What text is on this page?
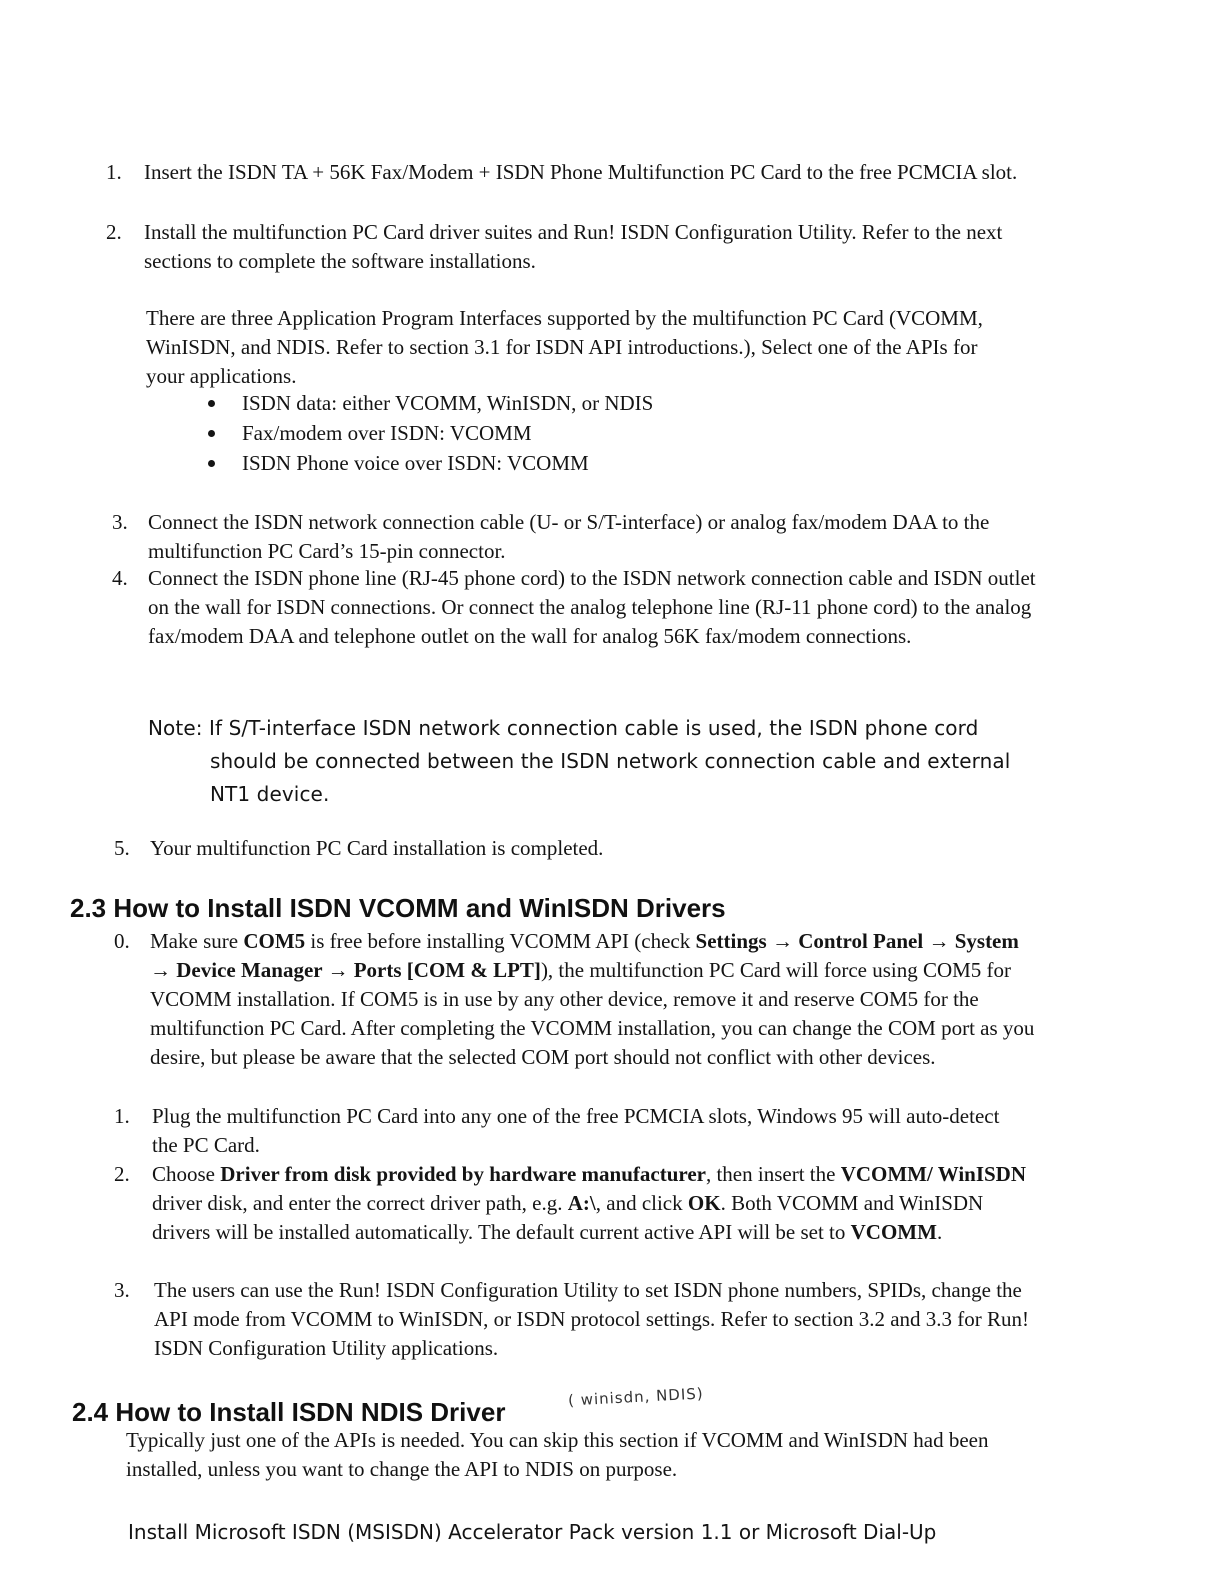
1.	Insert the ISDN TA + 56K Fax/Modem + ISDN Phone Multifunction PC Card to the free PCMCIA slot.
2.	Install the multifunction PC Card driver suites and Run! ISDN Configuration Utility. Refer to the next sections to complete the software installations.
There are three Application Program Interfaces supported by the multifunction PC Card (VCOMM, WinISDN, and NDIS. Refer to section 3.1 for ISDN API introductions.), Select one of the APIs for your applications.
ISDN data: either VCOMM, WinISDN, or NDIS
Fax/modem over ISDN: VCOMM
ISDN Phone voice over ISDN: VCOMM
3. Connect the ISDN network connection cable (U- or S/T-interface) or analog fax/modem DAA to the multifunction PC Card’s 15-pin connector.
4. Connect the ISDN phone line (RJ-45 phone cord) to the ISDN network connection cable and ISDN outlet on the wall for ISDN connections. Or connect the analog telephone line (RJ-11 phone cord) to the analog fax/modem DAA and telephone outlet on the wall for analog 56K fax/modem connections.
Note: If S/T-interface ISDN network connection cable is used, the ISDN phone cord
should be connected between the ISDN network connection cable and external
NT1 device.
5. Your multifunction PC Card installation is completed.
2.3 How to Install ISDN VCOMM and WinISDN Drivers
0. Make sure COM5 is free before installing VCOMM API (check Settings → Control Panel → System → Device Manager → Ports [COM & LPT]), the multifunction PC Card will force using COM5 for VCOMM installation. If COM5 is in use by any other device, remove it and reserve COM5 for the multifunction PC Card. After completing the VCOMM installation, you can change the COM port as you desire, but please be aware that the selected COM port should not conflict with other devices.
1.	Plug the multifunction PC Card into any one of the free PCMCIA slots, Windows 95 will auto-detect the PC Card.
2.	Choose Driver from disk provided by hardware manufacturer, then insert the VCOMM/ WinISDN driver disk, and enter the correct driver path, e.g. A:\, and click OK. Both VCOMM and WinISDN drivers will be installed automatically. The default current active API will be set to VCOMM.
3.	The users can use the Run! ISDN Configuration Utility to set ISDN phone numbers, SPIDs, change the API mode from VCOMM to WinISDN, or ISDN protocol settings. Refer to section 3.2 and 3.3 for Run! ISDN Configuration Utility applications.
2.4 How to Install ISDN NDIS Driver	( winisdn, NDIS)
Typically just one of the APIs is needed. You can skip this section if VCOMM and WinISDN had been installed, unless you want to change the API to NDIS on purpose.
Install Microsoft ISDN (MSISDN) Accelerator Pack version 1.1 or Microsoft Dial-Up
